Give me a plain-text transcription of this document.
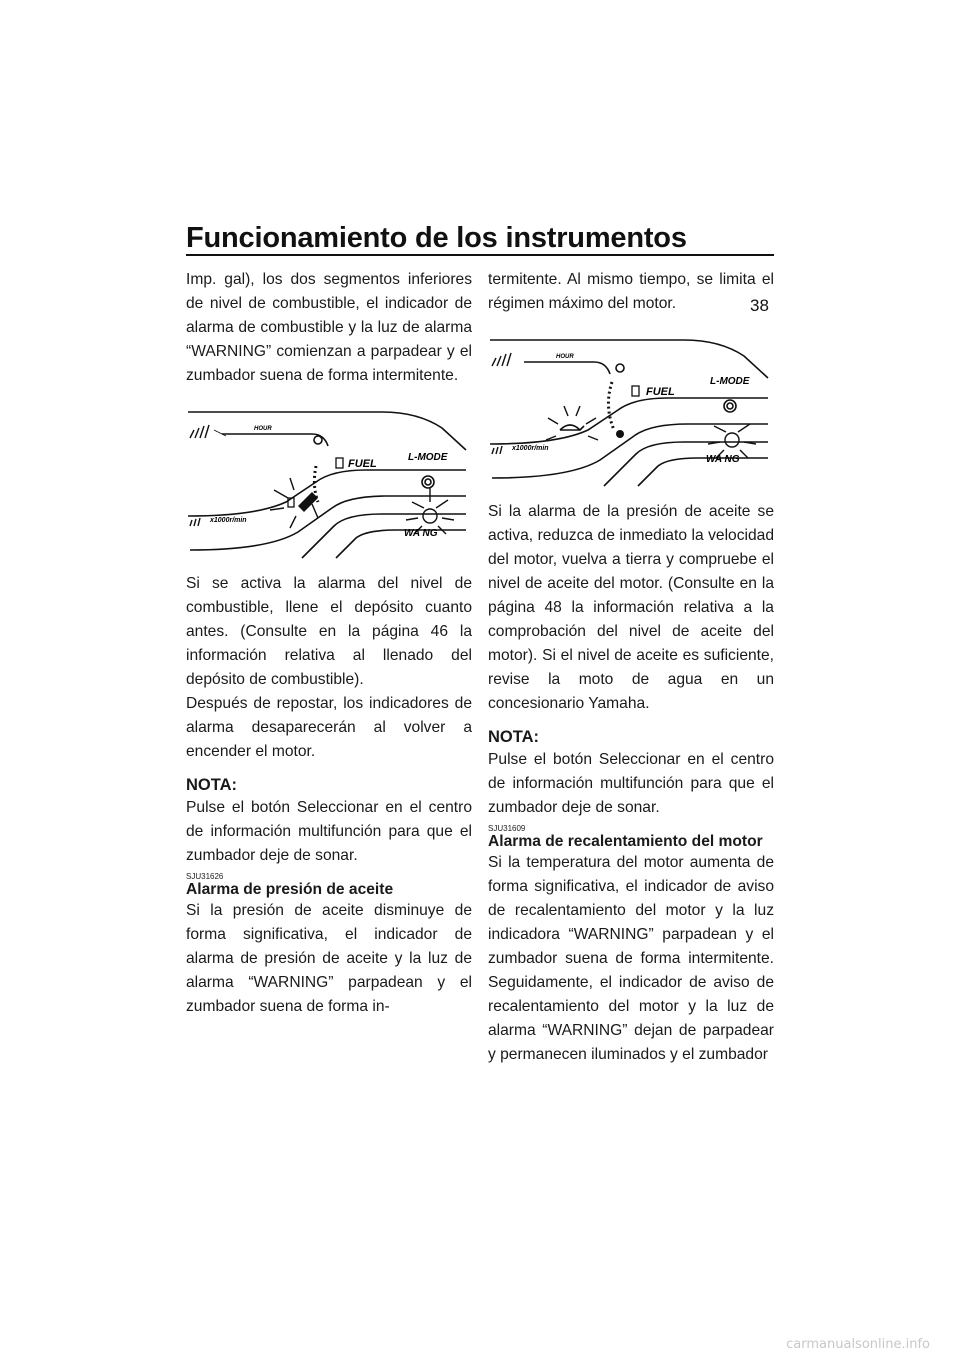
Funcionamiento de los instrumentos
38

Imp. gal), los dos segmentos inferiores de nivel de combustible, el indicador de alarma de combustible y la luz de alarma “WARNING” comienzan a parpadear y el zumbador suena de forma intermitente.

HOUR
FUEL
L-MODE
x1000r/min
WA NG

Si se activa la alarma del nivel de combustible, llene el depósito cuanto antes. (Consulte en la página 46 la información relativa al llenado del depósito de combustible).

Después de repostar, los indicadores de alarma desaparecerán al volver a encender el motor.

NOTA:

Pulse el botón Seleccionar en el centro de información multifunción para que el zumbador deje de sonar.

SJU31626

Alarma de presión de aceite

Si la presión de aceite disminuye de forma significativa, el indicador de alarma de presión de aceite y la luz de alarma “WARNING” parpadean y el zumbador suena de forma in-

termitente. Al mismo tiempo, se limita el régimen máximo del motor.

HOUR
FUEL
L-MODE
x1000r/min
WA NG

Si la alarma de la presión de aceite se activa, reduzca de inmediato la velocidad del motor, vuelva a tierra y compruebe el nivel de aceite del motor. (Consulte en la página 48 la información relativa a la comprobación del nivel de aceite del motor). Si el nivel de aceite es suficiente, revise la moto de agua en un concesionario Yamaha.

NOTA:

Pulse el botón Seleccionar en el centro de información multifunción para que el zumbador deje de sonar.

SJU31609

Alarma de recalentamiento del motor

Si la temperatura del motor aumenta de forma significativa, el indicador de aviso de recalentamiento del motor y la luz indicadora “WARNING” parpadean y el zumbador suena de forma intermitente. Seguidamente, el indicador de aviso de recalentamiento del motor y la luz de alarma “WARNING” dejan de parpadear y permanecen iluminados y el zumbador

carmanualsonline.info
